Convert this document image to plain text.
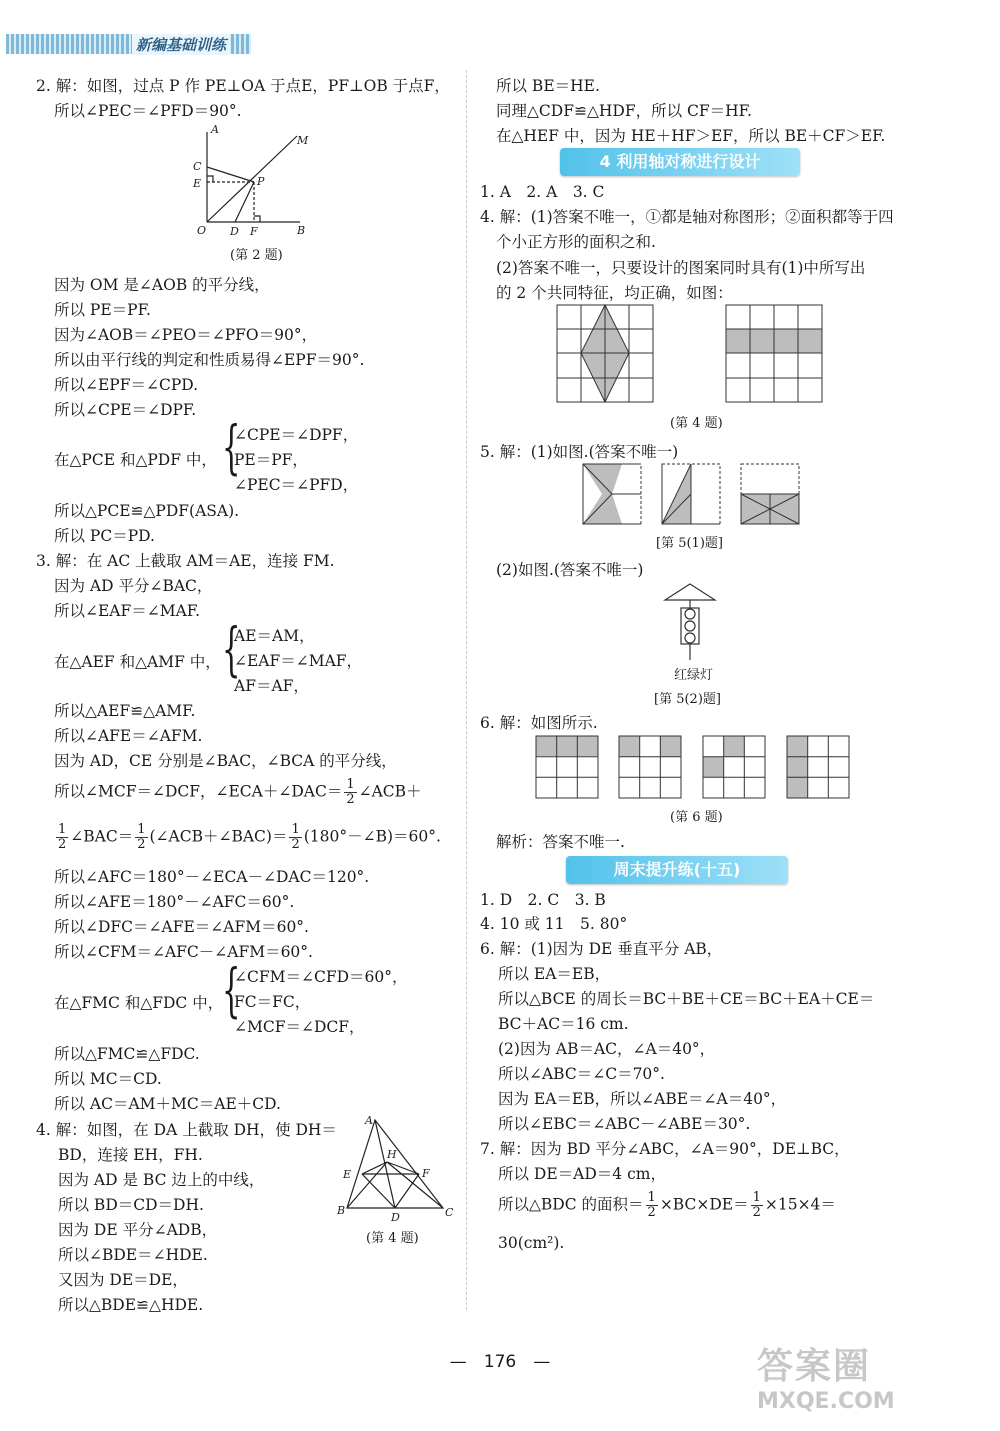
新编基础训练
2. 解：如图，过点 P 作 PE⊥OA 于点E，PF⊥OB 于点F，
所以∠PEC＝∠PFD＝90°.
A
M
C
E	P
O D F	B
(第 2 题)
因为 OM 是∠AOB 的平分线，
所以 PE＝PF.
因为∠AOB＝∠PEO＝∠PFO＝90°，
所以由平行线的判定和性质易得∠EPF＝90°.
所以∠EPF＝∠CPD.
所以∠CPE＝∠DPF.
在△PCE 和△PDF 中， {
∠CPE＝∠DPF，
PE＝PF，
∠PEC＝∠PFD，
所以△PCE≌△PDF(ASA).
所以 PC＝PD.
3. 解：在 AC 上截取 AM＝AE，连接 FM.
因为 AD 平分∠BAC，
所以∠EAF＝∠MAF.
在△AEF 和△AMF 中， {
AE＝AM，
∠EAF＝∠MAF，
AF＝AF，
所以△AEF≌△AMF.
所以∠AFE＝∠AFM.
因为 AD，CE 分别是∠BAC，∠BCA 的平分线，
所以∠MCF＝∠DCF，∠ECA＋∠DAC＝ $\frac{1}{2}$ ∠ACB＋
$\frac{1}{2}$ ∠BAC＝ $\frac{1}{2}$ (∠ACB＋∠BAC)＝ $\frac{1}{2}$ (180°－∠B)＝60°.
所以∠AFC＝180°－∠ECA－∠DAC＝120°.
所以∠AFE＝180°－∠AFC＝60°.
所以∠DFC＝∠AFE＝∠AFM＝60°.
所以∠CFM＝∠AFC－∠AFM＝60°.
在△FMC 和△FDC 中，
{
∠CFM＝∠CFD＝60°，
FC＝FC，
∠MCF＝∠DCF，
所以△FMC≌△FDC.
所以 MC＝CD.
所以 AC＝AM＋MC＝AE＋CD.
4. 解：如图，在 DA 上截取 DH，使 DH＝
BD，连接 EH，FH.
因为 AD 是 BC 边上的中线，
所以 BD＝CD＝DH.
因为 DE 平分∠ADB，
所以∠BDE＝∠HDE.
又因为 DE＝DE，
所以△BDE≌△HDE.
A
H
E	F
B
D	C
(第 4 题)
所以 BE＝HE.
同理△CDF≌△HDF，所以 CF＝HF.
在△HEF 中，因为 HE＋HF＞EF，所以 BE＋CF＞EF.
4 利用轴对称进行设计
1. A　2. A　3. C
4. 解：(1)答案不唯一，①都是轴对称图形；②面积都等于四
个小正方形的面积之和.
(2)答案不唯一，只要设计的图案同时具有(1)中所写出
的 2 个共同特征，均正确，如图：
(第 4 题)
5. 解：(1)如图.(答案不唯一)
[第 5(1)题]
(2)如图.(答案不唯一)
红绿灯
[第 5(2)题]
6. 解：如图所示.
(第 6 题)
解析：答案不唯一.
周末提升练(十五)
1. D　2. C　3. B
4. 10 或 11　5. 80°
6. 解：(1)因为 DE 垂直平分 AB，
所以 EA＝EB，
所以△BCE 的周长＝BC＋BE＋CE＝BC＋EA＋CE＝
BC＋AC＝16 cm.
(2)因为 AB＝AC，∠A＝40°，
所以∠ABC＝∠C＝70°.
因为 EA＝EB，所以∠ABE＝∠A＝40°，
所以∠EBC＝∠ABC－∠ABE＝30°.
7. 解：因为 BD 平分∠ABC，∠A＝90°，DE⊥BC，
所以 DE＝AD＝4 cm，
所以△BDC 的面积＝ $\frac{1}{2} \times BC\times DE= \frac{1}{2} \times 15\times 4=$
30(cm²).
—　176　—	答案圈
MXQE.COM
